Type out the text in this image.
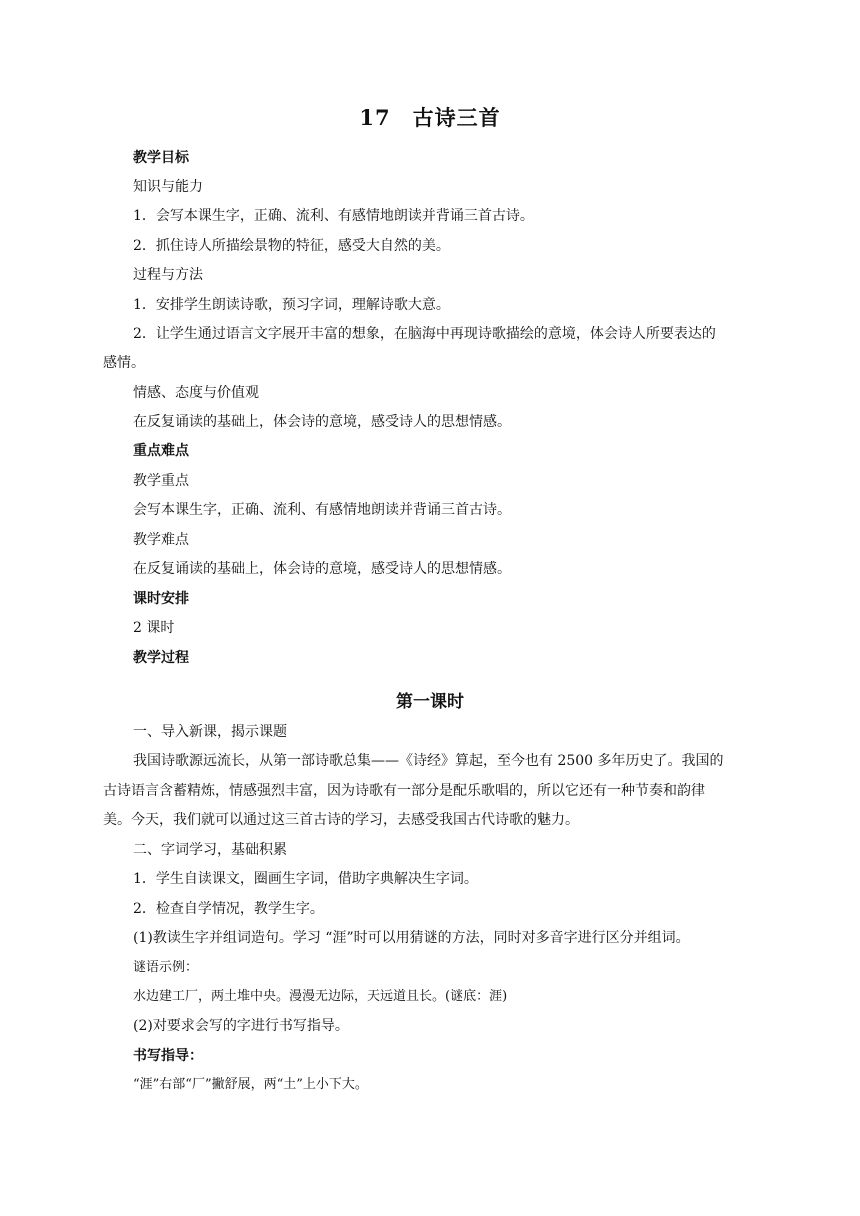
17　古诗三首
教学目标
知识与能力
1．会写本课生字，正确、流利、有感情地朗读并背诵三首古诗。
2．抓住诗人所描绘景物的特征，感受大自然的美。
过程与方法
1．安排学生朗读诗歌，预习字词，理解诗歌大意。
2．让学生通过语言文字展开丰富的想象，在脑海中再现诗歌描绘的意境，体会诗人所要表达的
感情。
情感、态度与价值观
在反复诵读的基础上，体会诗的意境，感受诗人的思想情感。
重点难点
教学重点
会写本课生字，正确、流利、有感情地朗读并背诵三首古诗。
教学难点
在反复诵读的基础上，体会诗的意境，感受诗人的思想情感。
课时安排
2 课时
教学过程
第一课时
一、导入新课，揭示课题
我国诗歌源远流长，从第一部诗歌总集——《诗经》算起，至今也有 2500 多年历史了。我国的
古诗语言含蓄精炼，情感强烈丰富，因为诗歌有一部分是配乐歌唱的，所以它还有一种节奏和韵律
美。今天，我们就可以通过这三首古诗的学习，去感受我国古代诗歌的魅力。
二、字词学习，基础积累
1．学生自读课文，圈画生字词，借助字典解决生字词。
2．检查自学情况，教学生字。
(1)教读生字并组词造句。学习 “涯”时可以用猜谜的方法，同时对多音字进行区分并组词。
谜语示例：
水边建工厂，两土堆中央。漫漫无边际，天远道且长。(谜底：涯)
(2)对要求会写的字进行书写指导。
书写指导：
“涯”右部“厂”撇舒展，两“土”上小下大。
